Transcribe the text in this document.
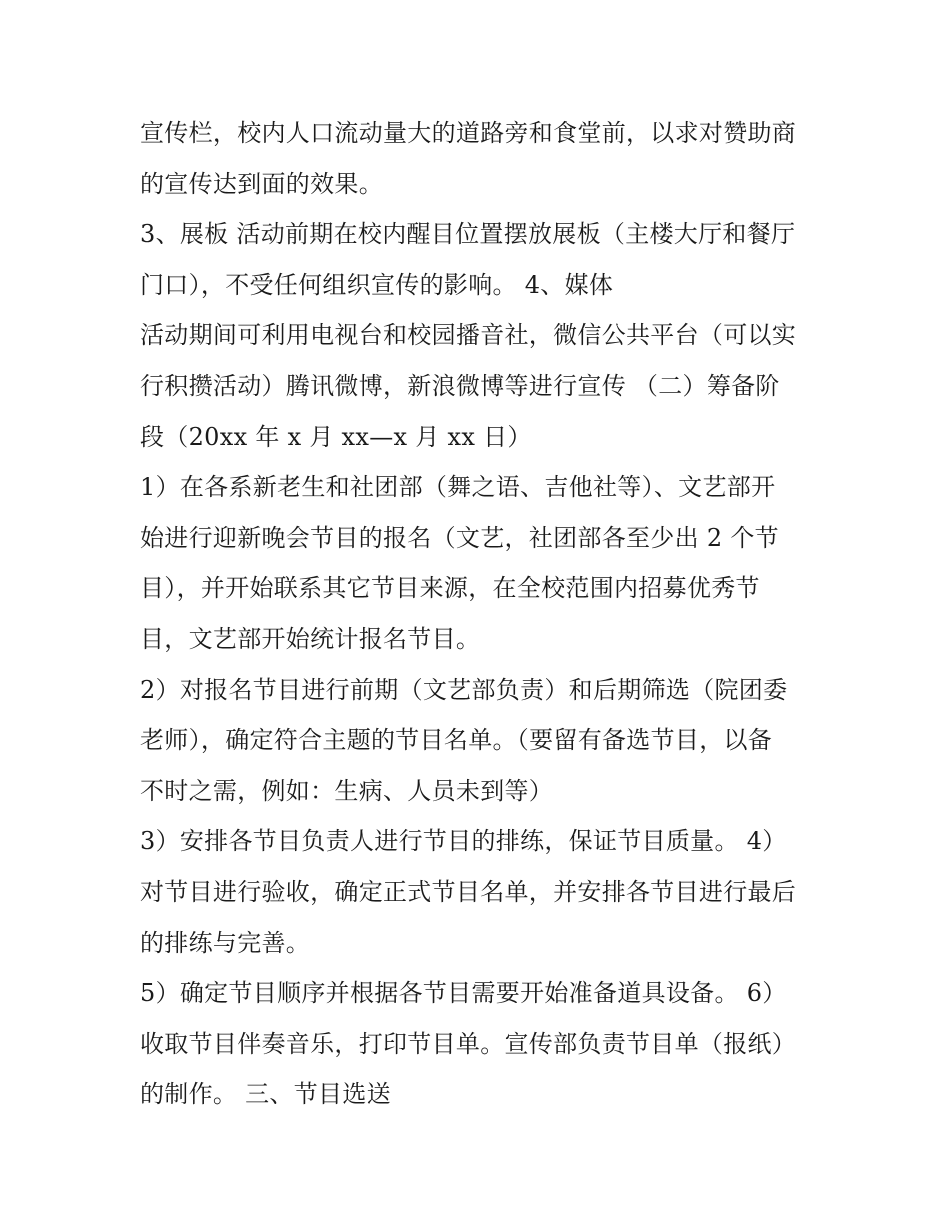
宣传栏，校内人口流动量大的道路旁和食堂前，以求对赞助商
的宣传达到面的效果。
3、展板 活动前期在校内醒目位置摆放展板（主楼大厅和餐厅
门口），不受任何组织宣传的影响。 4、媒体
活动期间可利用电视台和校园播音社，微信公共平台（可以实
行积攒活动）腾讯微博，新浪微博等进行宣传 （二）筹备阶
段（20xx 年 x 月 xx—x 月 xx 日）
1）在各系新老生和社团部（舞之语、吉他社等）、文艺部开
始进行迎新晚会节目的报名（文艺，社团部各至少出 2 个节
目），并开始联系其它节目来源，在全校范围内招募优秀节
目，文艺部开始统计报名节目。
2）对报名节目进行前期（文艺部负责）和后期筛选（院团委
老师），确定符合主题的节目名单。（要留有备选节目，以备
不时之需，例如：生病、人员未到等）
3）安排各节目负责人进行节目的排练，保证节目质量。 4）
对节目进行验收，确定正式节目名单，并安排各节目进行最后
的排练与完善。
5）确定节目顺序并根据各节目需要开始准备道具设备。 6）
收取节目伴奏音乐，打印节目单。宣传部负责节目单（报纸）
的制作。 三、节目选送
